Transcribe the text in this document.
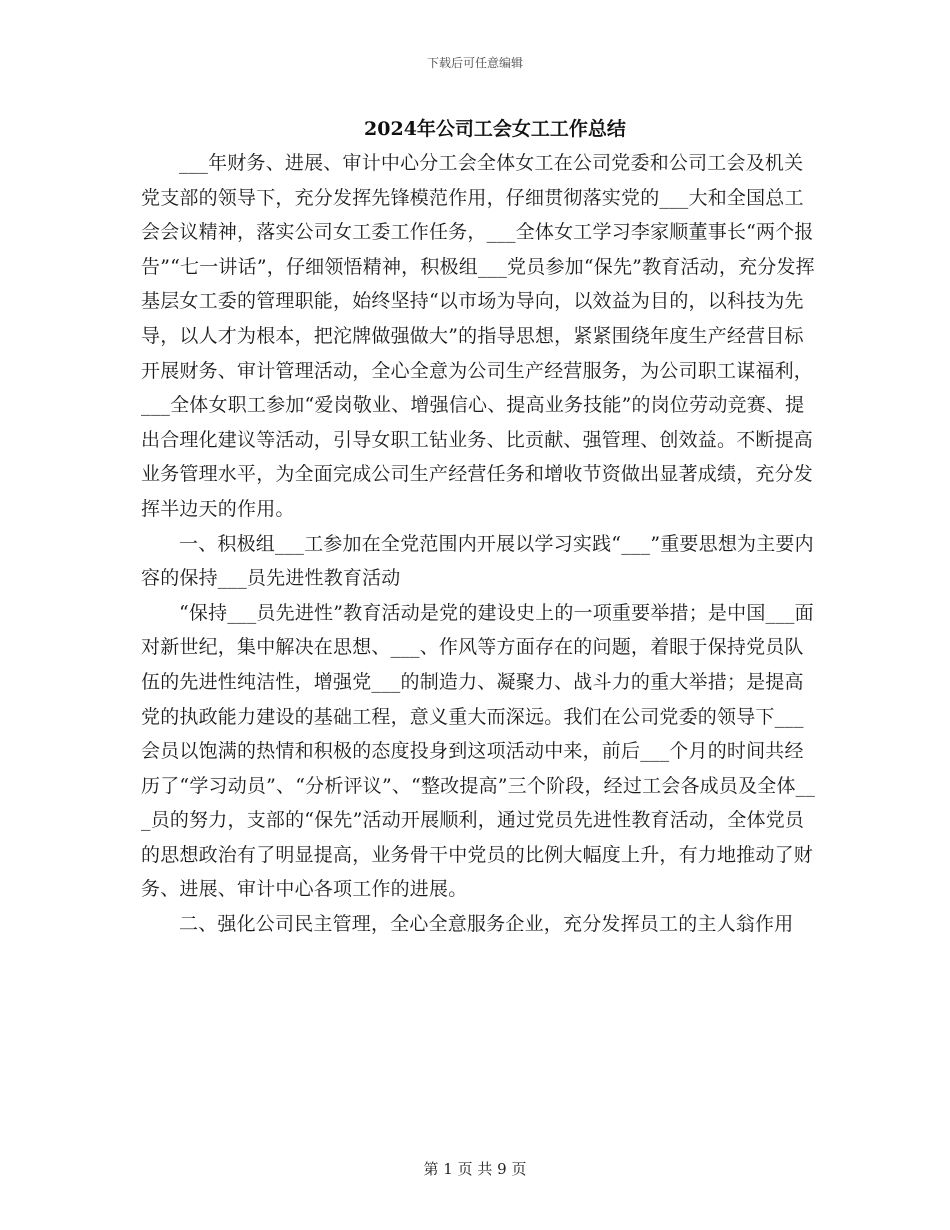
下载后可任意编辑
2024年公司工会女工工作总结

___年财务、进展、审计中心分工会全体女工在公司党委和公司工会及机关党支部的领导下，充分发挥先锋模范作用，仔细贯彻落实党的___大和全国总工会会议精神，落实公司女工委工作任务，___全体女工学习李家顺董事长“两个报告”“七一讲话”，仔细领悟精神，积极组___党员参加“保先”教育活动，充分发挥基层女工委的管理职能，始终坚持“以市场为导向，以效益为目的，以科技为先导，以人才为根本，把沱牌做强做大”的指导思想，紧紧围绕年度生产经营目标开展财务、审计管理活动，全心全意为公司生产经营服务，为公司职工谋福利，___全体女职工参加“爱岗敬业、增强信心、提高业务技能”的岗位劳动竞赛、提出合理化建议等活动，引导女职工钻业务、比贡献、强管理、创效益。不断提高业务管理水平，为全面完成公司生产经营任务和增收节资做出显著成绩，充分发挥半边天的作用。

一、积极组___工参加在全党范围内开展以学习实践“___”重要思想为主要内容的保持___员先进性教育活动

“保持___员先进性”教育活动是党的建设史上的一项重要举措；是中国___面对新世纪，集中解决在思想、___、作风等方面存在的问题，着眼于保持党员队伍的先进性纯洁性，增强党___的制造力、凝聚力、战斗力的重大举措；是提高党的执政能力建设的基础工程，意义重大而深远。我们在公司党委的领导下___会员以饱满的热情和积极的态度投身到这项活动中来，前后___个月的时间共经历了“学习动员”、“分析评议”、“整改提高”三个阶段，经过工会各成员及全体___员的努力，支部的“保先”活动开展顺利，通过党员先进性教育活动，全体党员的思想政治有了明显提高，业务骨干中党员的比例大幅度上升，有力地推动了财务、进展、审计中心各项工作的进展。

二、强化公司民主管理，全心全意服务企业，充分发挥员工的主人翁作用

第 1 页 共 9 页
